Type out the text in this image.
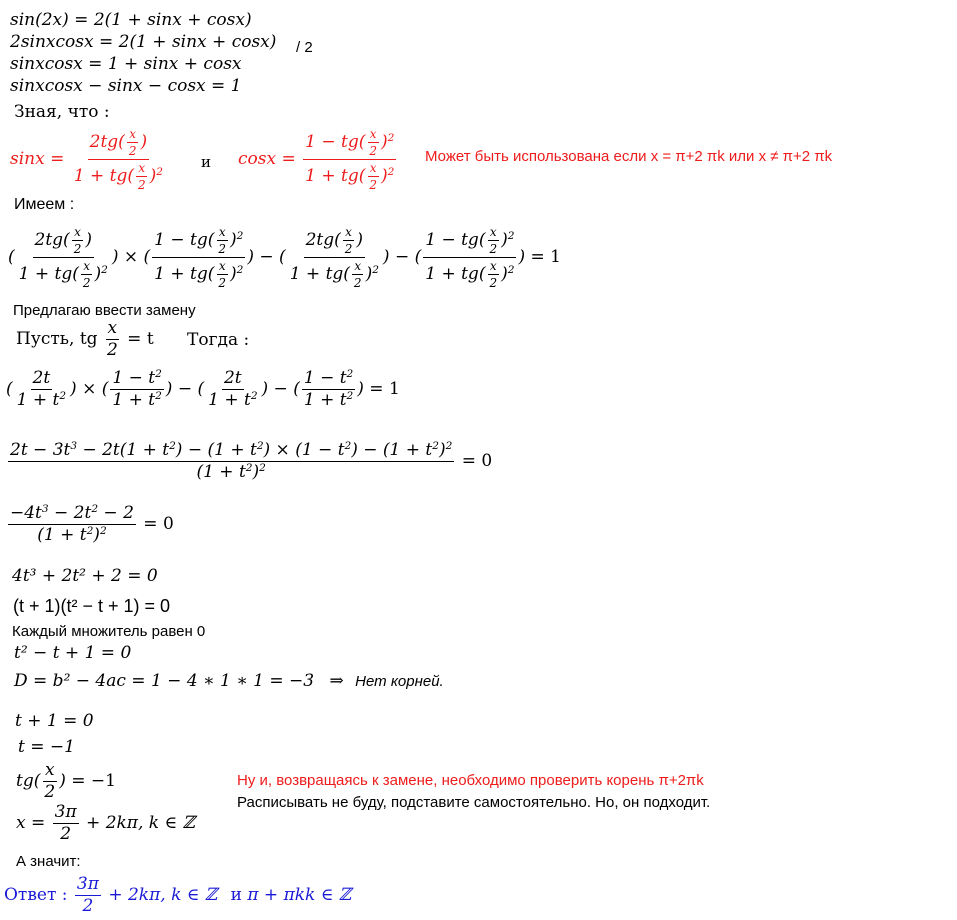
sin(2x) = 2(1 + sinx + cosx)
2sinxcosx = 2(1 + sinx + cosx) / 2
sinxcosx = 1 + sinx + cosx
sinxcosx − sinx − cosx = 1
Зная, что :
$\sin x = \frac{2tg( \frac{x}{2} )}{1 + tg( \frac{x}{2} )^2}$ и $\cos x = \frac{1 - tg( \frac{x}{2} )^2}{1 + tg( \frac{x}{2} )^2}$ Может быть использована если x = π+2 πk или x ≠ π+2 πk
Имеем :
( $\frac{2tg( \frac{x}{2} )}{1 + tg( \frac{x}{2} )^2}$ ) × ( $\frac{1 - tg( \frac{x}{2} )^2}{1 + tg( \frac{x}{2} )^2}$ ) − ( $\frac{2tg( \frac{x}{2} )}{1 + tg( \frac{x}{2} )^2}$ ) − ( $\frac{1 - tg( \frac{x}{2} )^2}{1 + tg( \frac{x}{2} )^2}$ ) = 1
Предлагаю ввести замену
Пусть, tg $\frac{x}{2} = t$ Тогда :
( $\frac{2t}{1 + t^2}$ ) × ( $\frac{1 - t^2}{1 + t^2}$ ) − ( $\frac{2t}{1 + t^2}$ ) − ( $\frac{1 - t^2}{1 + t^2}$ ) = 1
$\frac{2t - 3t^3 - 2t(1 + t^2) - (1 + t^2) \times (1 - t^2) - (1 + t^2)^2}{(1 + t^2)^2} = 0$
$\frac{-4t^3 - 2t^2 - 2}{(1 + t^2)^2} = 0$
4t³ + 2t² + 2 = 0
(t + 1)(t² − t + 1) = 0
Каждый множитель равен 0
t² − t + 1 = 0
D = b² − 4ac = 1 − 4 ∗ 1 ∗ 1 = −3 ⇒ Нет корней.
t + 1 = 0
t = −1
$tg( \frac{x}{2}$ ) = −1
$x = \frac{3\pi}{2} + 2k\pi$, k ∈ ℤ
Ну и, возвращаясь к замене, необходимо проверить корень π+2πk
Расписывать не буду, подставите самостоятельно. Но, он подходит.
А значит:
Ответ : $\frac{3\pi}{2} + 2k\pi$, k ∈ ℤ и π + πkk ∈ ℤ
